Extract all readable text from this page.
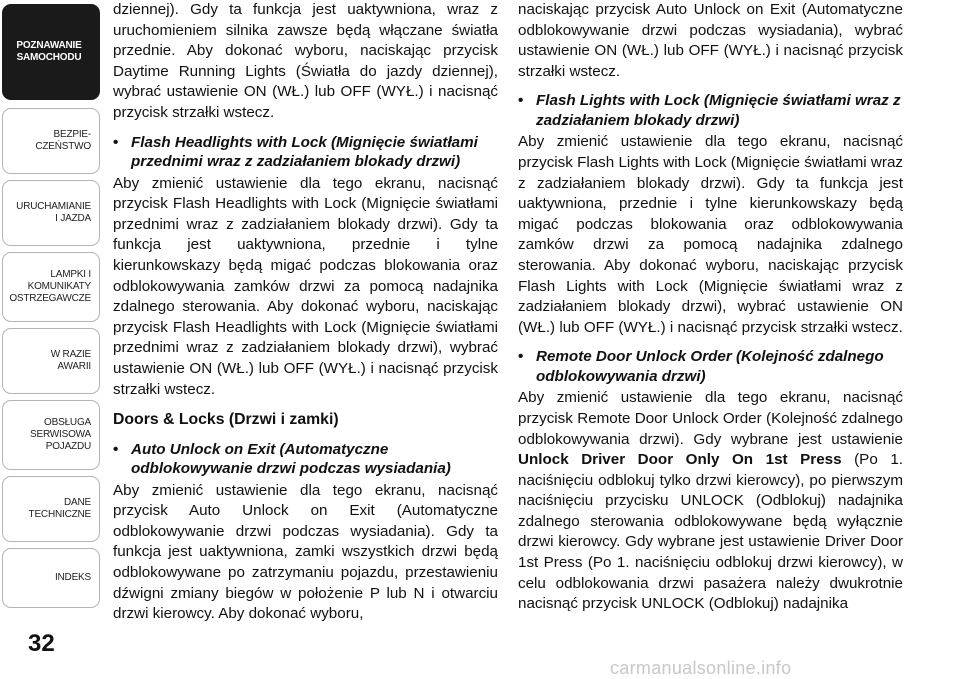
POZNAWANIE
SAMOCHODU
BEZPIE-
CZEŃSTWO
URUCHAMIANIE
I JAZDA
LAMPKI I
KOMUNIKATY
OSTRZEGAWCZE
W RAZIE
AWARII
OBSŁUGA
SERWISOWA
POJAZDU
DANE
TECHNICZNE
INDEKS
32

dziennej). Gdy ta funkcja jest uaktywniona, wraz z uruchomieniem silnika zawsze będą włączane światła przednie. Aby dokonać wyboru, naciskając przycisk Daytime Running Lights (Światła do jazdy dziennej), wybrać ustawienie ON (WŁ.) lub OFF (WYŁ.) i nacisnąć przycisk strzałki wstecz.

• Flash Headlights with Lock (Mignięcie światłami przednimi wraz z zadziałaniem blokady drzwi)

Aby zmienić ustawienie dla tego ekranu, nacisnąć przycisk Flash Headlights with Lock (Mignięcie światłami przednimi wraz z zadziałaniem blokady drzwi). Gdy ta funkcja jest uaktywniona, przednie i tylne kierunkowskazy będą migać podczas blokowania oraz odblokowywania zamków drzwi za pomocą nadajnika zdalnego sterowania. Aby dokonać wyboru, naciskając przycisk Flash Headlights with Lock (Mignięcie światłami przednimi wraz z zadziałaniem blokady drzwi), wybrać ustawienie ON (WŁ.) lub OFF (WYŁ.) i nacisnąć przycisk strzałki wstecz.

Doors & Locks (Drzwi i zamki)
• Auto Unlock on Exit (Automatyczne odblokowywanie drzwi podczas wysiadania)

Aby zmienić ustawienie dla tego ekranu, nacisnąć przycisk Auto Unlock on Exit (Automatyczne odblokowywanie drzwi podczas wysiadania). Gdy ta funkcja jest uaktywniona, zamki wszystkich drzwi będą odblokowywane po zatrzymaniu pojazdu, przestawieniu dźwigni zmiany biegów w położenie P lub N i otwarciu drzwi kierowcy. Aby dokonać wyboru,

naciskając przycisk Auto Unlock on Exit (Automatyczne odblokowywanie drzwi podczas wysiadania), wybrać ustawienie ON (WŁ.) lub OFF (WYŁ.) i nacisnąć przycisk strzałki wstecz.

• Flash Lights with Lock (Mignięcie światłami wraz z zadziałaniem blokady drzwi)

Aby zmienić ustawienie dla tego ekranu, nacisnąć przycisk Flash Lights with Lock (Mignięcie światłami wraz z zadziałaniem blokady drzwi). Gdy ta funkcja jest uaktywniona, przednie i tylne kierunkowskazy będą migać podczas blokowania oraz odblokowywania zamków drzwi za pomocą nadajnika zdalnego sterowania. Aby dokonać wyboru, naciskając przycisk Flash Lights with Lock (Mignięcie światłami wraz z zadziałaniem blokady drzwi), wybrać ustawienie ON (WŁ.) lub OFF (WYŁ.) i nacisnąć przycisk strzałki wstecz.

• Remote Door Unlock Order (Kolejność zdalnego odblokowywania drzwi)

Aby zmienić ustawienie dla tego ekranu, nacisnąć przycisk Remote Door Unlock Order (Kolejność zdalnego odblokowywania drzwi). Gdy wybrane jest ustawienie Unlock Driver Door Only On 1st Press (Po 1. naciśnięciu odblokuj tylko drzwi kierowcy), po pierwszym naciśnięciu przycisku UNLOCK (Odblokuj) nadajnika zdalnego sterowania odblokowywane będą wyłącznie drzwi kierowcy. Gdy wybrane jest ustawienie Driver Door 1st Press (Po 1. naciśnięciu odblokuj drzwi kierowcy), w celu odblokowania drzwi pasażera należy dwukrotnie nacisnąć przycisk UNLOCK (Odblokuj) nadajnika

carmanualsonline.info
